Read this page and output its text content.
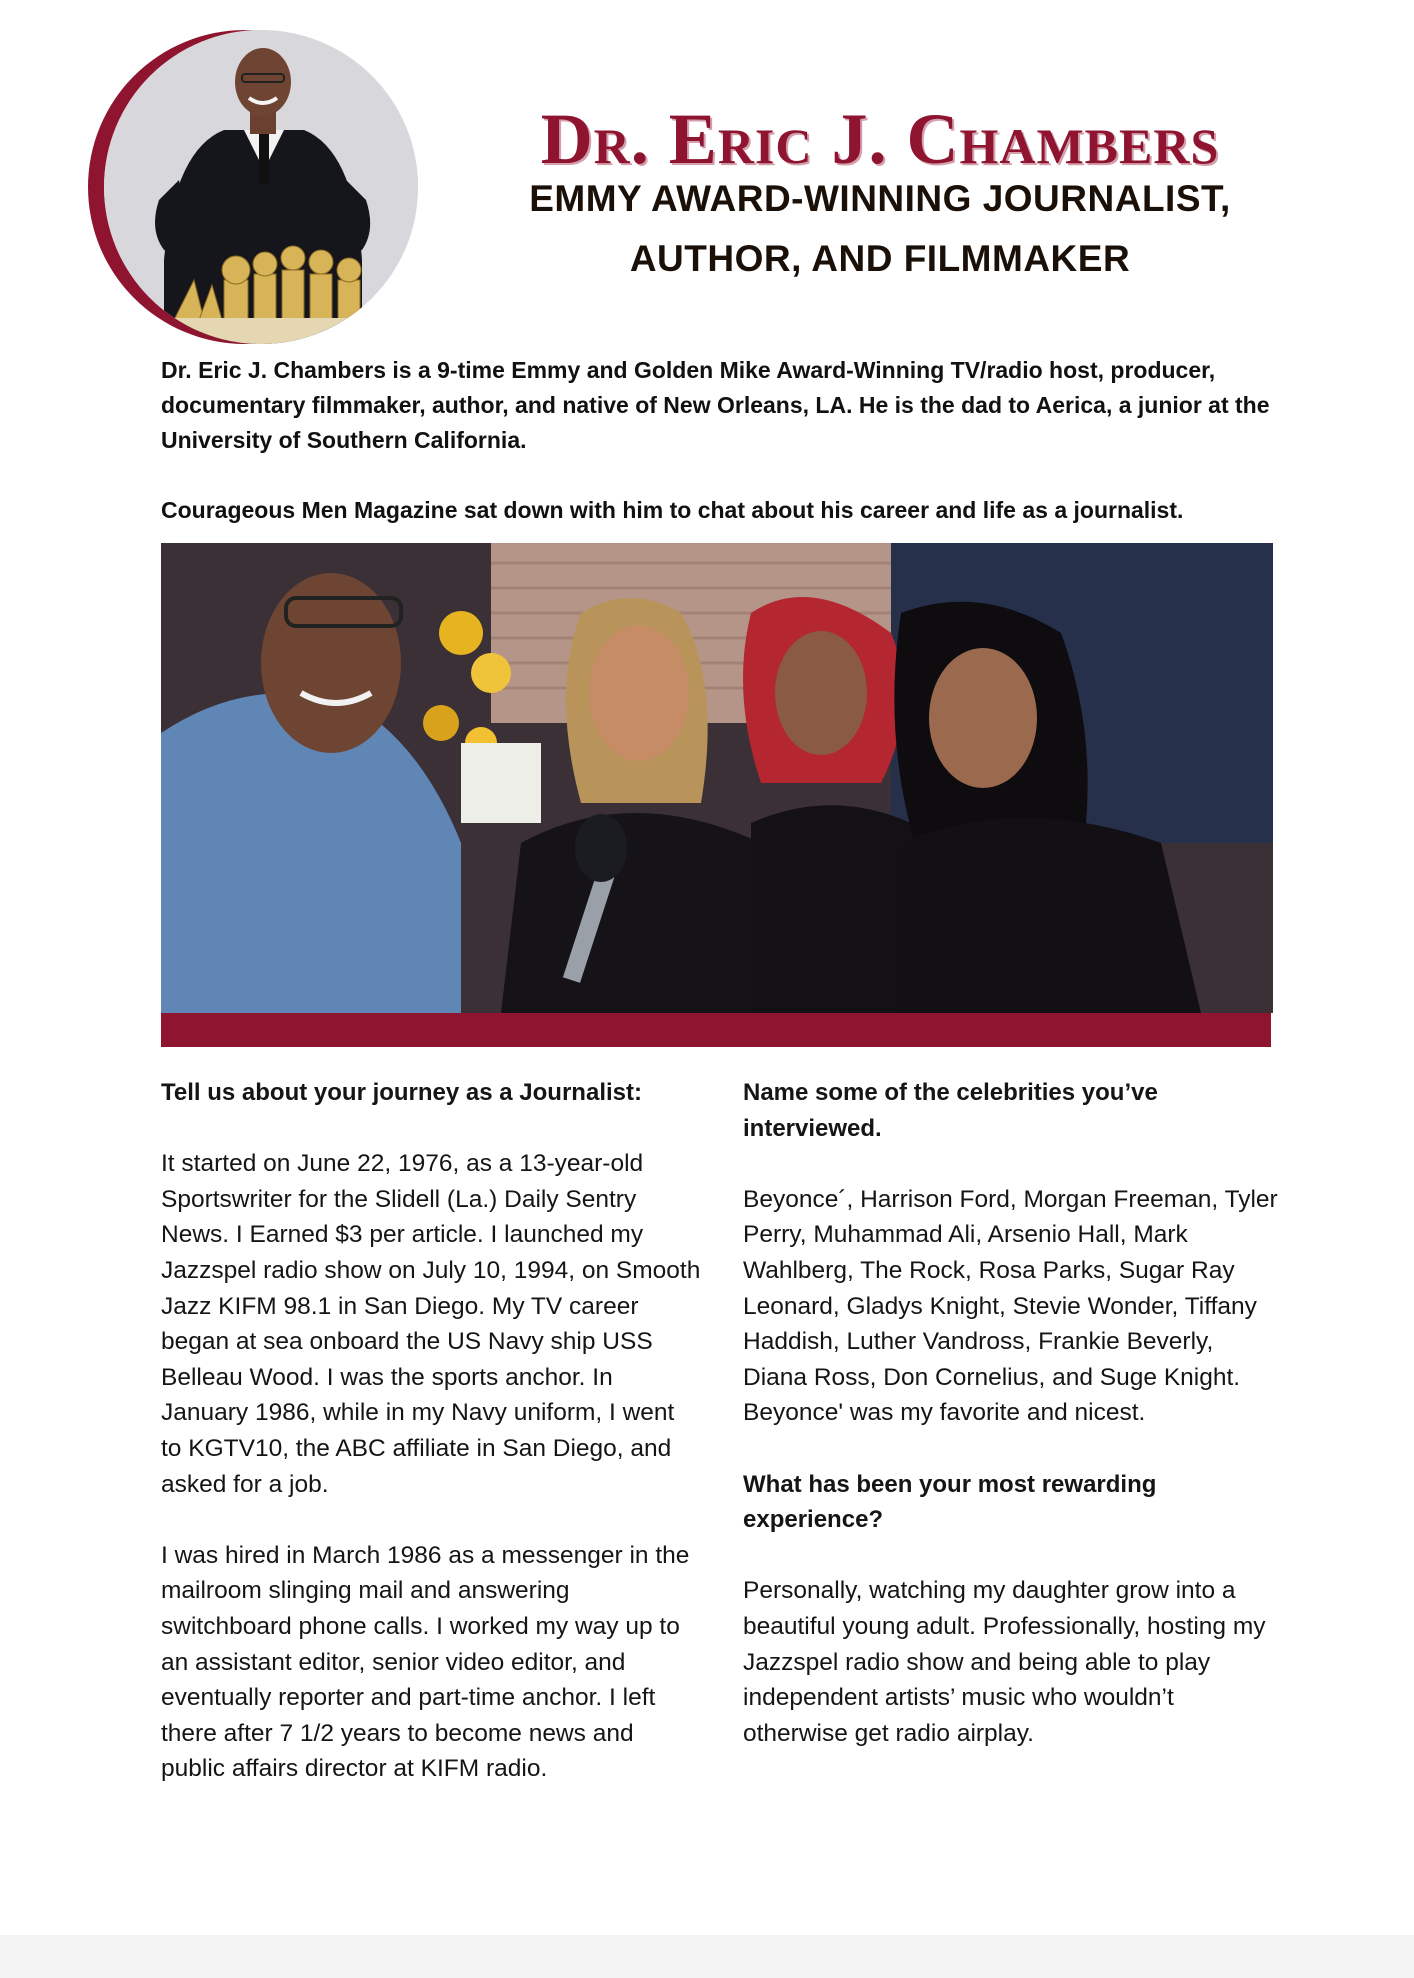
Dr. Eric J. Chambers
EMMY AWARD-WINNING JOURNALIST,
AUTHOR, AND FILMMAKER

Dr. Eric J. Chambers is a 9-time Emmy and Golden Mike Award-Winning TV/radio host, producer, documentary filmmaker, author, and native of New Orleans, LA. He is the dad to Aerica, a junior at the University of Southern California.

Courageous Men Magazine sat down with him to chat about his career and life as a journalist.

Tell us about your journey as a Journalist:

It started on June 22, 1976, as a 13-year-old Sportswriter for the Slidell (La.) Daily Sentry News. I Earned $3 per article. I launched my Jazzspel radio show on July 10, 1994, on Smooth Jazz KIFM 98.1 in San Diego. My TV career began at sea onboard the US Navy ship USS Belleau Wood. I was the sports anchor. In January 1986, while in my Navy uniform, I went to KGTV10, the ABC affiliate in San Diego, and asked for a job.

I was hired in March 1986 as a messenger in the mailroom slinging mail and answering switchboard phone calls. I worked my way up to an assistant editor, senior video editor, and eventually reporter and part-time anchor. I left there after 7 1/2 years to become news and public affairs director at KIFM radio.

Name some of the celebrities you’ve interviewed.

Beyonce´, Harrison Ford, Morgan Freeman, Tyler Perry, Muhammad Ali, Arsenio Hall, Mark Wahlberg, The Rock, Rosa Parks, Sugar Ray Leonard, Gladys Knight, Stevie Wonder, Tiffany Haddish, Luther Vandross, Frankie Beverly, Diana Ross, Don Cornelius, and Suge Knight. Beyonce' was my favorite and nicest.

What has been your most rewarding experience?

Personally, watching my daughter grow into a beautiful young adult. Professionally, hosting my Jazzspel radio show and being able to play independent artists’ music who wouldn’t otherwise get radio airplay.
